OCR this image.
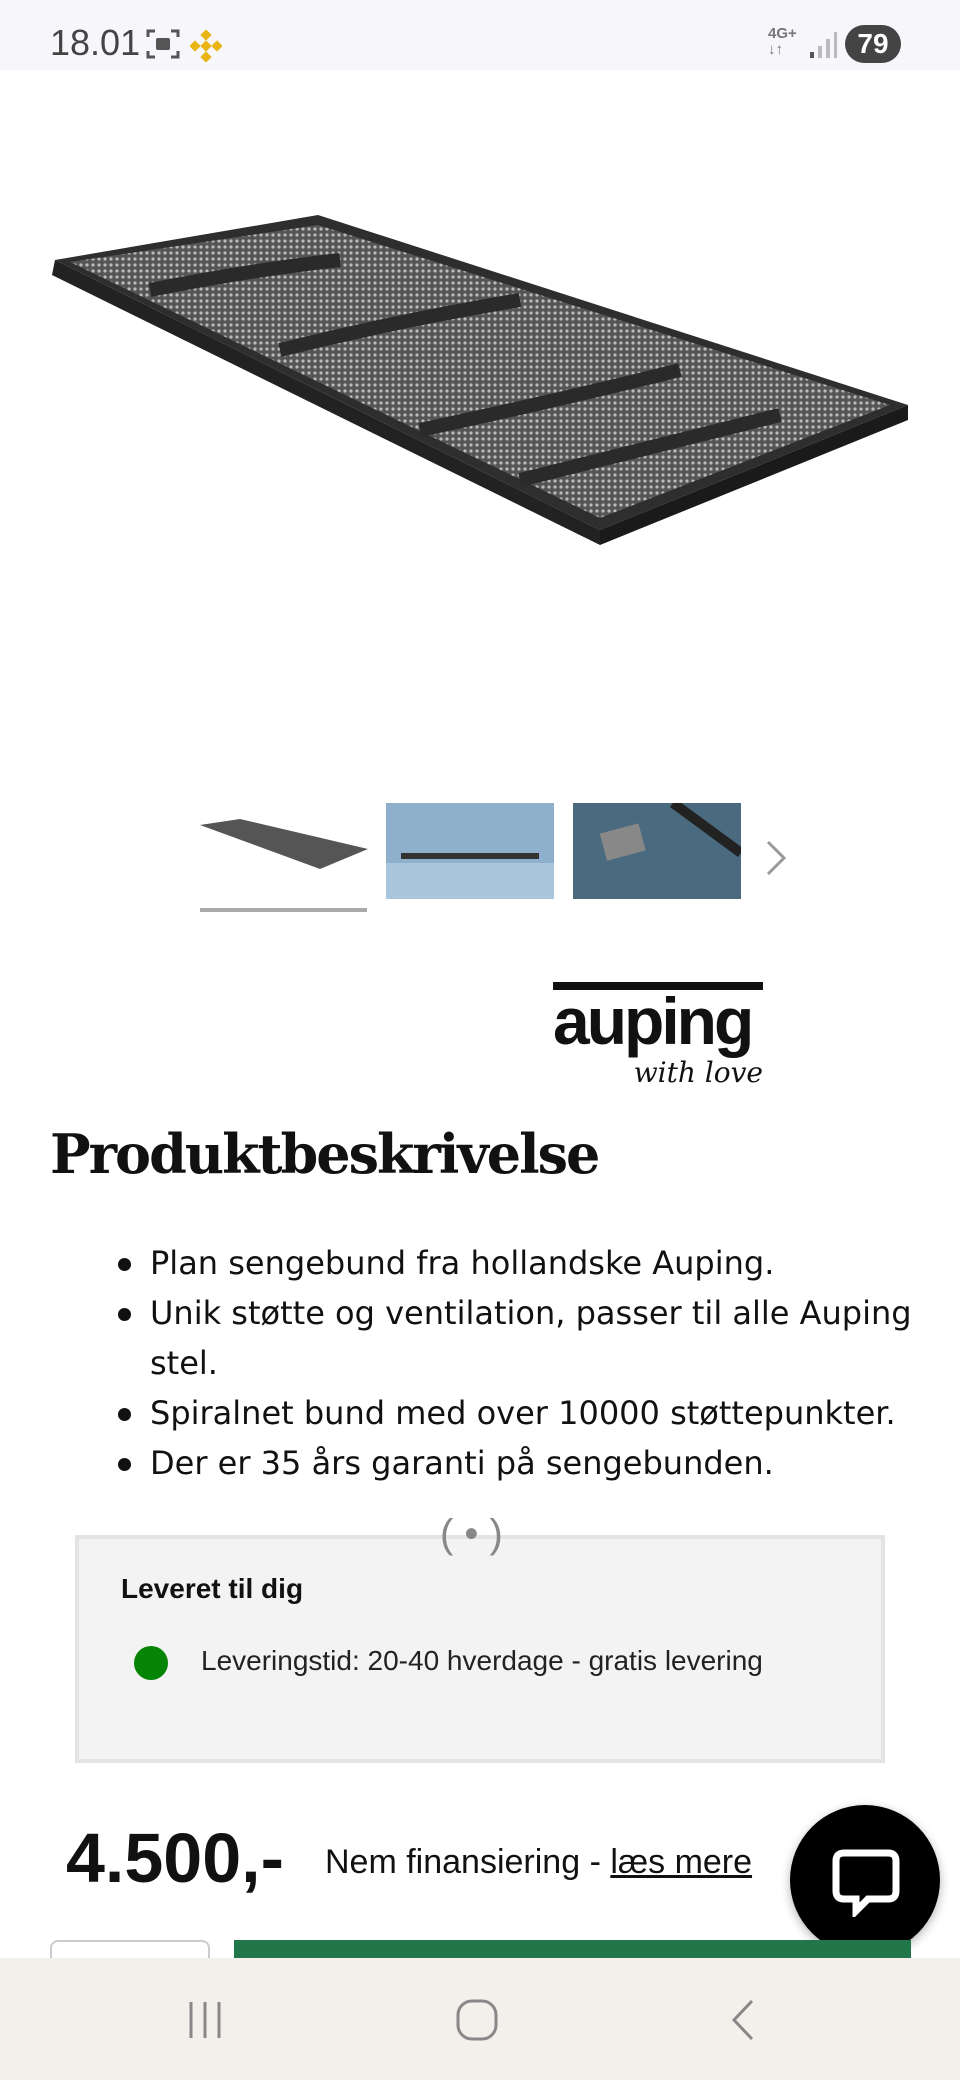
18.01	4G+
↓↑	79
auping
with love
Produktbeskrivelse
Plan sengebund fra hollandske Auping.
Unik støtte og ventilation, passer til alle Auping stel.
Spiralnet bund med over 10000 støttepunkter.
Der er 35 års garanti på sengebunden.
Leveret til dig
Leveringstid: 20-40 hverdage - gratis levering
( • )
4.500,- Nem finansiering - læs mere
